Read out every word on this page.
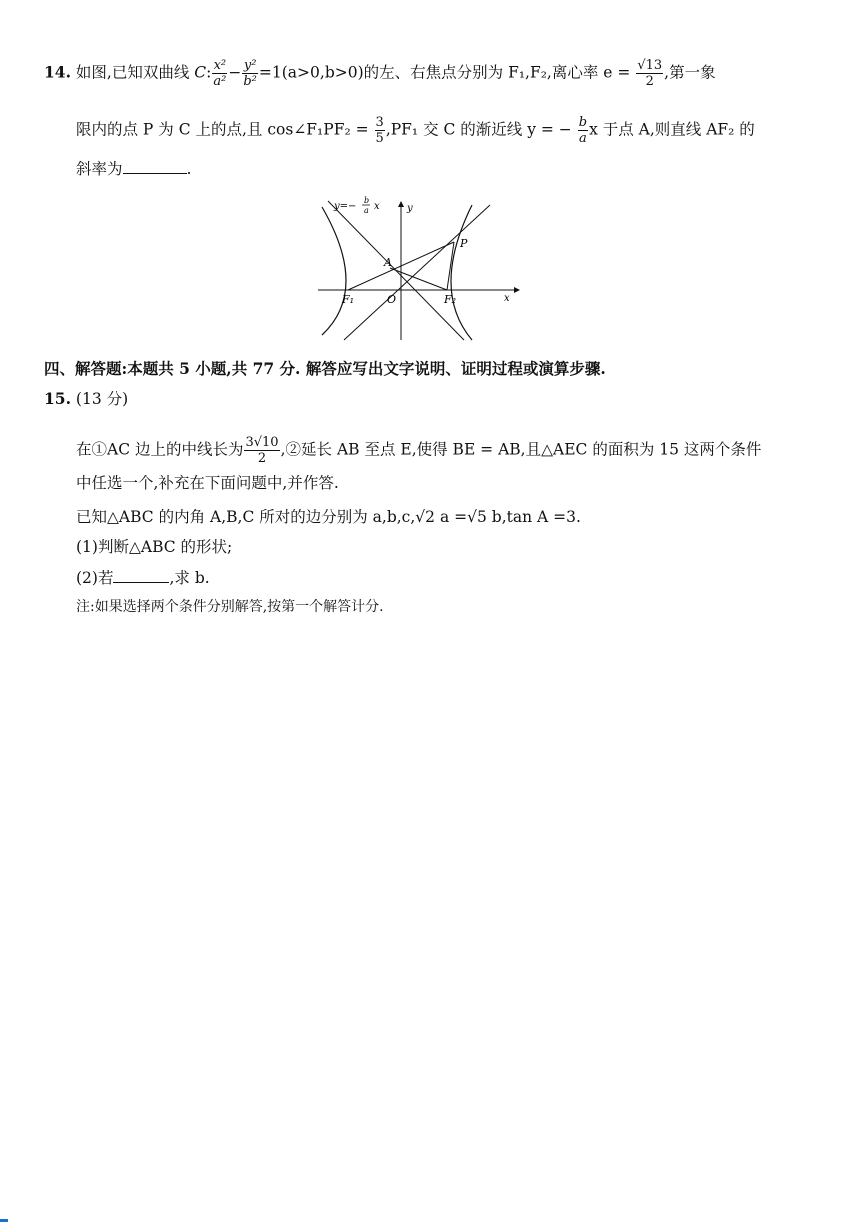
14. 如图,已知双曲线 C: $\frac{\text{x²}}{\text{a²}} - \frac{\text{y²}}{\text{b²}} =1(a>0,b>0)$的左、右焦点分别为 F₁,F₂,离心率 $e = \frac{√13}{2}$ ,第一象
限内的点 P 为 C 上的点,且 cos∠F₁PF₂ = $\frac{3}{5} ,PF_1$ 交 C 的渐近线 y = − $\frac{b}{a}$ x 于点 A,则直线 AF₂ 的
斜率为	.
y=−
b
a x	y
x
P
A
O
F₁	F₂
四、解答题:本题共 5 小题,共 77 分. 解答应写出文字说明、证明过程或演算步骤.
15. (13 分)
在①AC 边上的中线长为 $\frac{3√10}{2}$ ,②延长 AB 至点 E,使得 BE = AB,且△AEC 的面积为 15 这两个条件
中任选一个,补充在下面问题中,并作答.
已知△ABC 的内角 A,B,C 所对的边分别为 a,b,c,√2 a =√5 b,tan A =3.
(1)判断△ABC 的形状;
(2)若	,求 b.
注:如果选择两个条件分别解答,按第一个解答计分.
